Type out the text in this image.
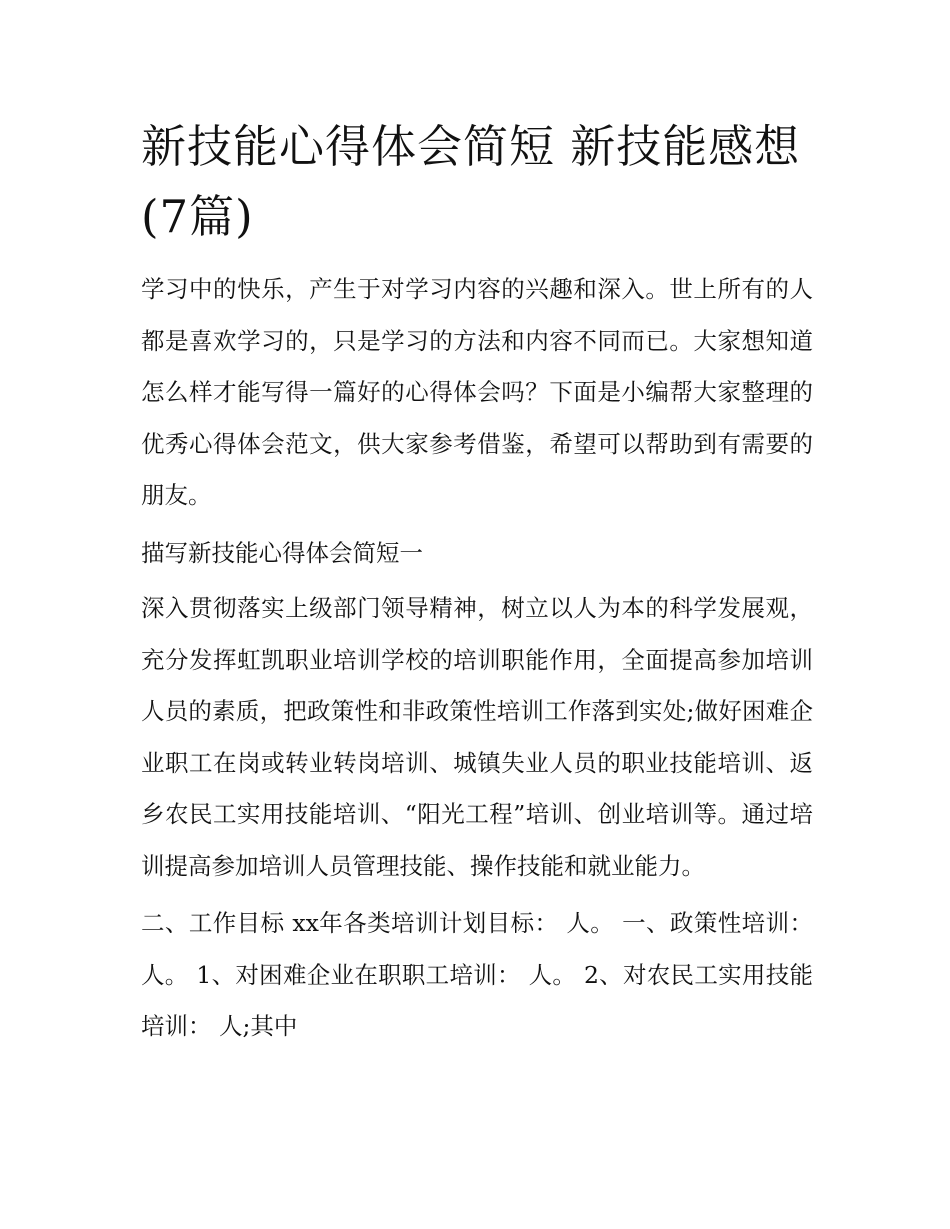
新技能心得体会简短 新技能感想(7篇)

学习中的快乐，产生于对学习内容的兴趣和深入。世上所有的人都是喜欢学习的，只是学习的方法和内容不同而已。大家想知道怎么样才能写得一篇好的心得体会吗？下面是小编帮大家整理的优秀心得体会范文，供大家参考借鉴，希望可以帮助到有需要的朋友。

描写新技能心得体会简短一

深入贯彻落实上级部门领导精神，树立以人为本的科学发展观，充分发挥虹凯职业培训学校的培训职能作用，全面提高参加培训人员的素质，把政策性和非政策性培训工作落到实处;做好困难企业职工在岗或转业转岗培训、城镇失业人员的职业技能培训、返乡农民工实用技能培训、“阳光工程”培训、创业培训等。通过培训提高参加培训人员管理技能、操作技能和就业能力。

二、工作目标 xx年各类培训计划目标： 人。 一、政策性培训： 人。 1、对困难企业在职职工培训： 人。 2、对农民工实用技能培训： 人;其中
